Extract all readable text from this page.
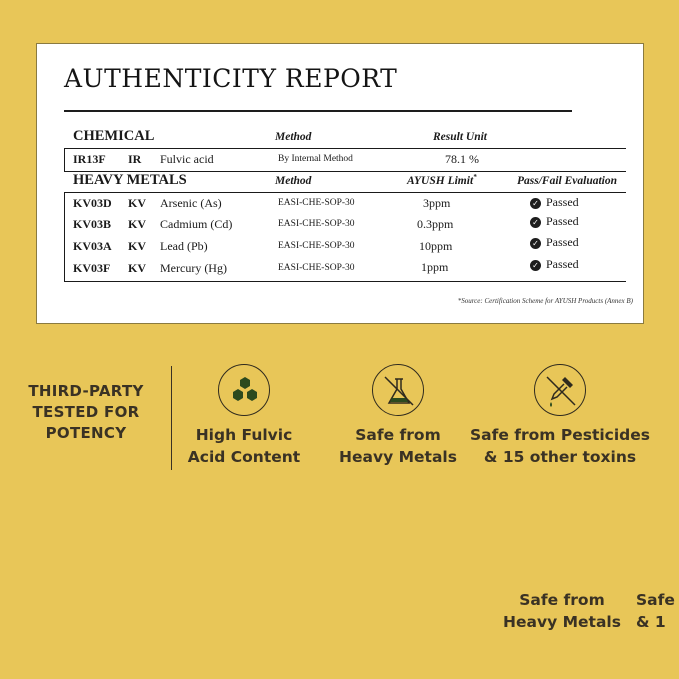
AUTHENTICITY REPORT
CHEMICAL	Method	Result Unit
IR13F IR Fulvic acid	By Internal Method	78.1 %
HEAVY METALS	Method	AYUSH Limit*	Pass/Fail Evaluation
KV03D KV Arsenic (As)	EASI-CHE-SOP-30	3ppm	✓ Passed
KV03B KV Cadmium (Cd)	EASI-CHE-SOP-30	0.3ppm	✓ Passed
KV03A KV Lead (Pb)	EASI-CHE-SOP-30	10ppm	✓ Passed
KV03F KV Mercury (Hg)	EASI-CHE-SOP-30	1ppm	✓ Passed
*Source: Certification Scheme for AYUSH Products (Annex B)
THIRD-PARTY
TESTED FOR
POTENCY	High Fulvic
Acid Content
Safe from
Heavy Metals
Safe from Pesticides
& 15 other toxins
Safe from
Heavy Metals
Safe
& 1
